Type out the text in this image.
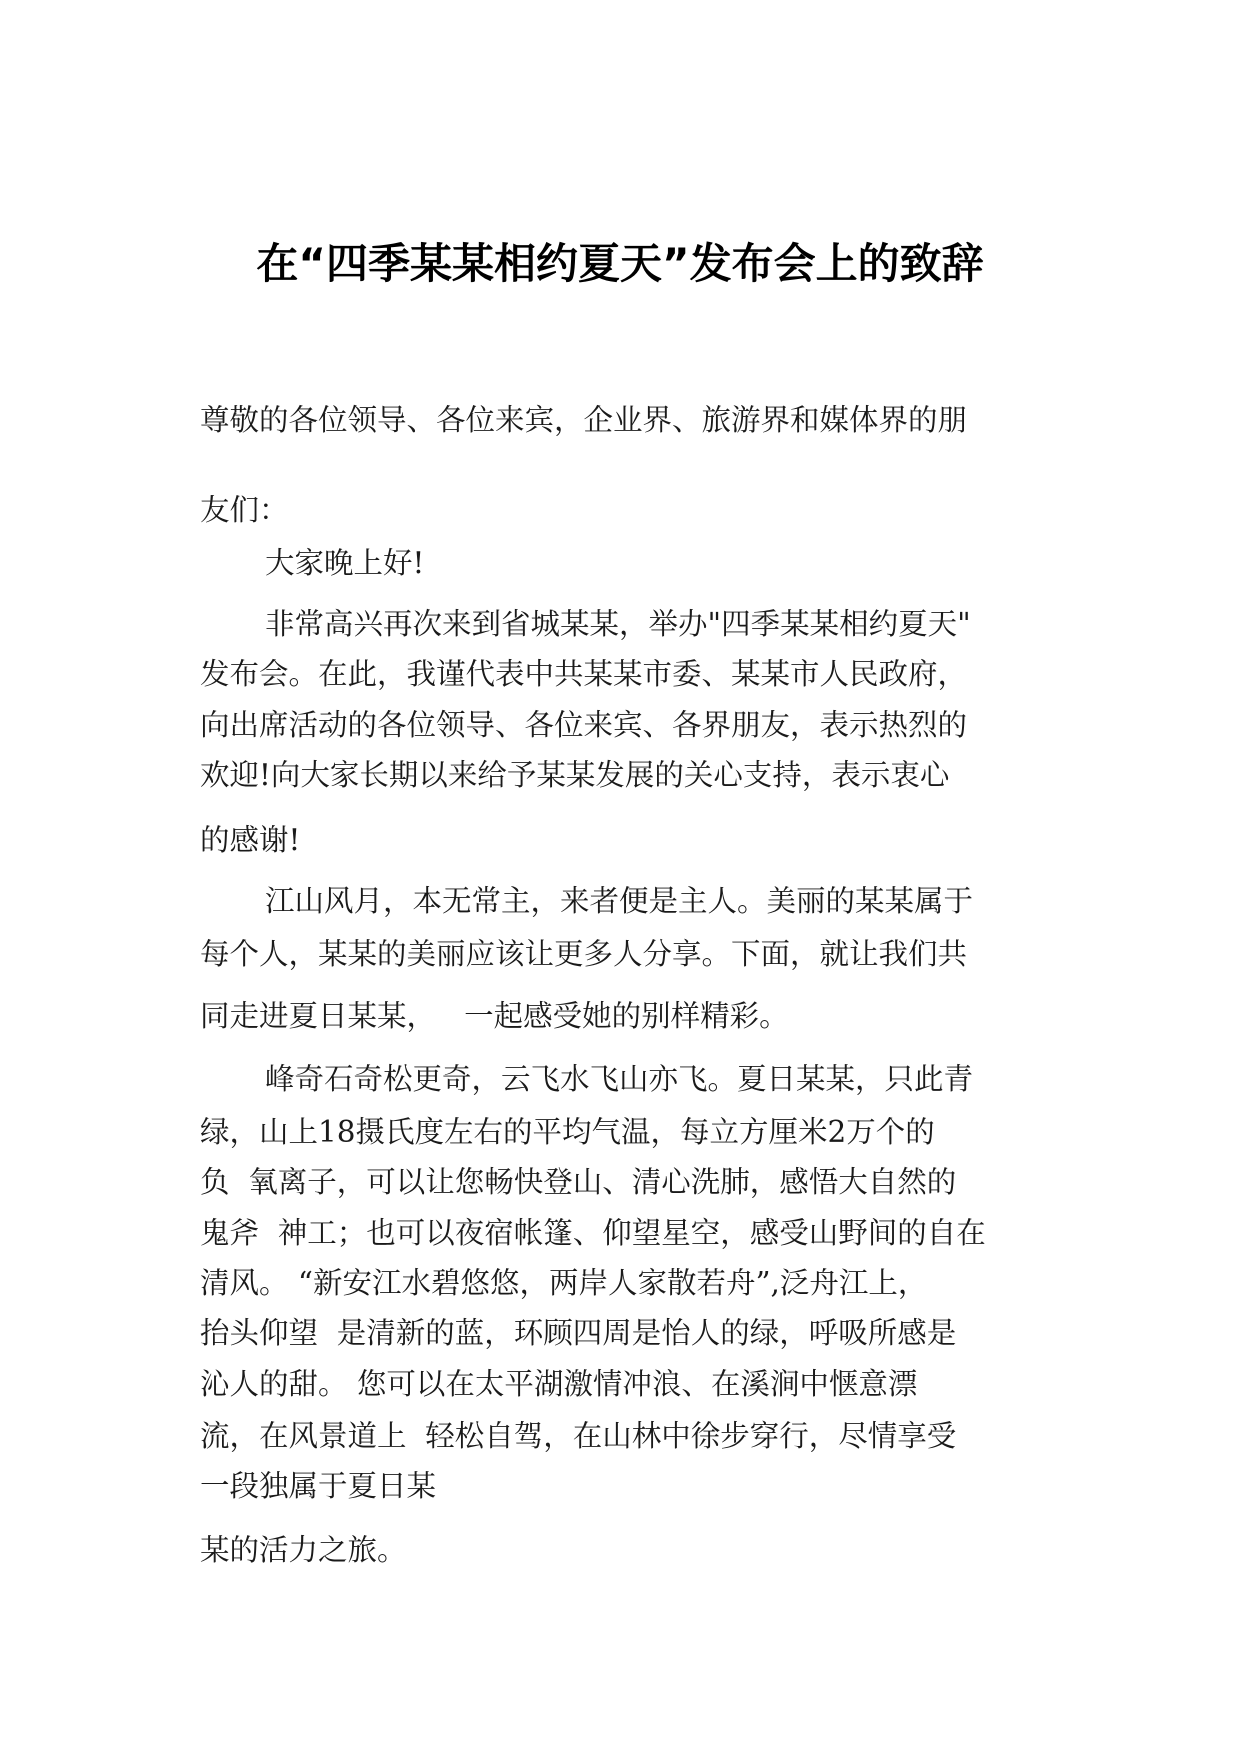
在“四季某某相约夏天”发布会上的致辞
尊敬的各位领导、各位来宾，企业界、旅游界和媒体界的朋
友们：
大家晚上好!
非常高兴再次来到省城某某，举办"四季某某相约夏天"
发布会。在此，我谨代表中共某某市委、某某市人民政府，
向出席活动的各位领导、各位来宾、各界朋友，表示热烈的
欢迎!向大家长期以来给予某某发展的关心支持，表示衷心
的感谢!
江山风月，本无常主，来者便是主人。美丽的某某属于
每个人，某某的美丽应该让更多人分享。下面，就让我们共
同走进夏日某某，   一起感受她的别样精彩。
峰奇石奇松更奇，云飞水飞山亦飞。夏日某某，只此青
绿，山上18摄氏度左右的平均气温，每立方厘米2万个的
负  氧离子，可以让您畅快登山、清心洗肺，感悟大自然的
鬼斧  神工；也可以夜宿帐篷、仰望星空，感受山野间的自在
清风。 “新安江水碧悠悠，两岸人家散若舟”,泛舟江上，
抬头仰望  是清新的蓝，环顾四周是怡人的绿，呼吸所感是
沁人的甜。 您可以在太平湖激情冲浪、在溪涧中惬意漂
流，在风景道上  轻松自驾，在山林中徐步穿行，尽情享受
一段独属于夏日某
某的活力之旅。
